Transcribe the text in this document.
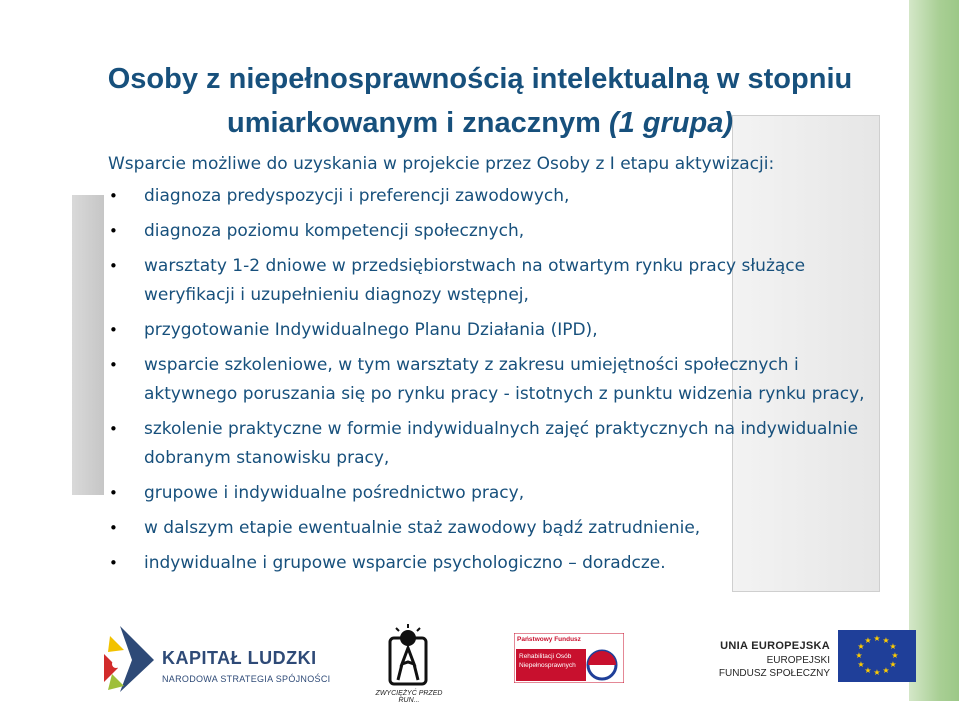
Osoby z niepełnosprawnością intelektualną w stopniu
umiarkowanym i znacznym (1 grupa)

Wsparcie możliwe do uzyskania w projekcie przez Osoby z I etapu aktywizacji:

• diagnoza predyspozycji i preferencji zawodowych,
• diagnoza poziomu kompetencji społecznych,
• warsztaty 1-2 dniowe w przedsiębiorstwach na otwartym rynku pracy służące weryfikacji i uzupełnieniu diagnozy wstępnej,
• przygotowanie Indywidualnego Planu Działania (IPD),
• wsparcie szkoleniowe, w tym warsztaty z zakresu umiejętności społecznych i aktywnego poruszania się po rynku pracy - istotnych z punktu widzenia rynku pracy,
• szkolenie praktyczne w formie indywidualnych zajęć praktycznych na indywidualnie dobranym stanowisku pracy,
• grupowe i indywidualne pośrednictwo pracy,
• w dalszym etapie ewentualnie staż zawodowy bądź zatrudnienie,
• indywidualne i grupowe wsparcie psychologiczno – doradcze.
KAPITAŁ LUDZKI
NARODOWA STRATEGIA SPÓJNOŚCI
ZWYCIĘŻYĆ PRZED RUN...
Państwowy Fundusz
Rehabilitacji Osób
Niepełnosprawnych
UNIA EUROPEJSKA
EUROPEJSKI
FUNDUSZ SPOŁECZNY
★ ★
★
★
★
★
★
★
★
★
★
★
